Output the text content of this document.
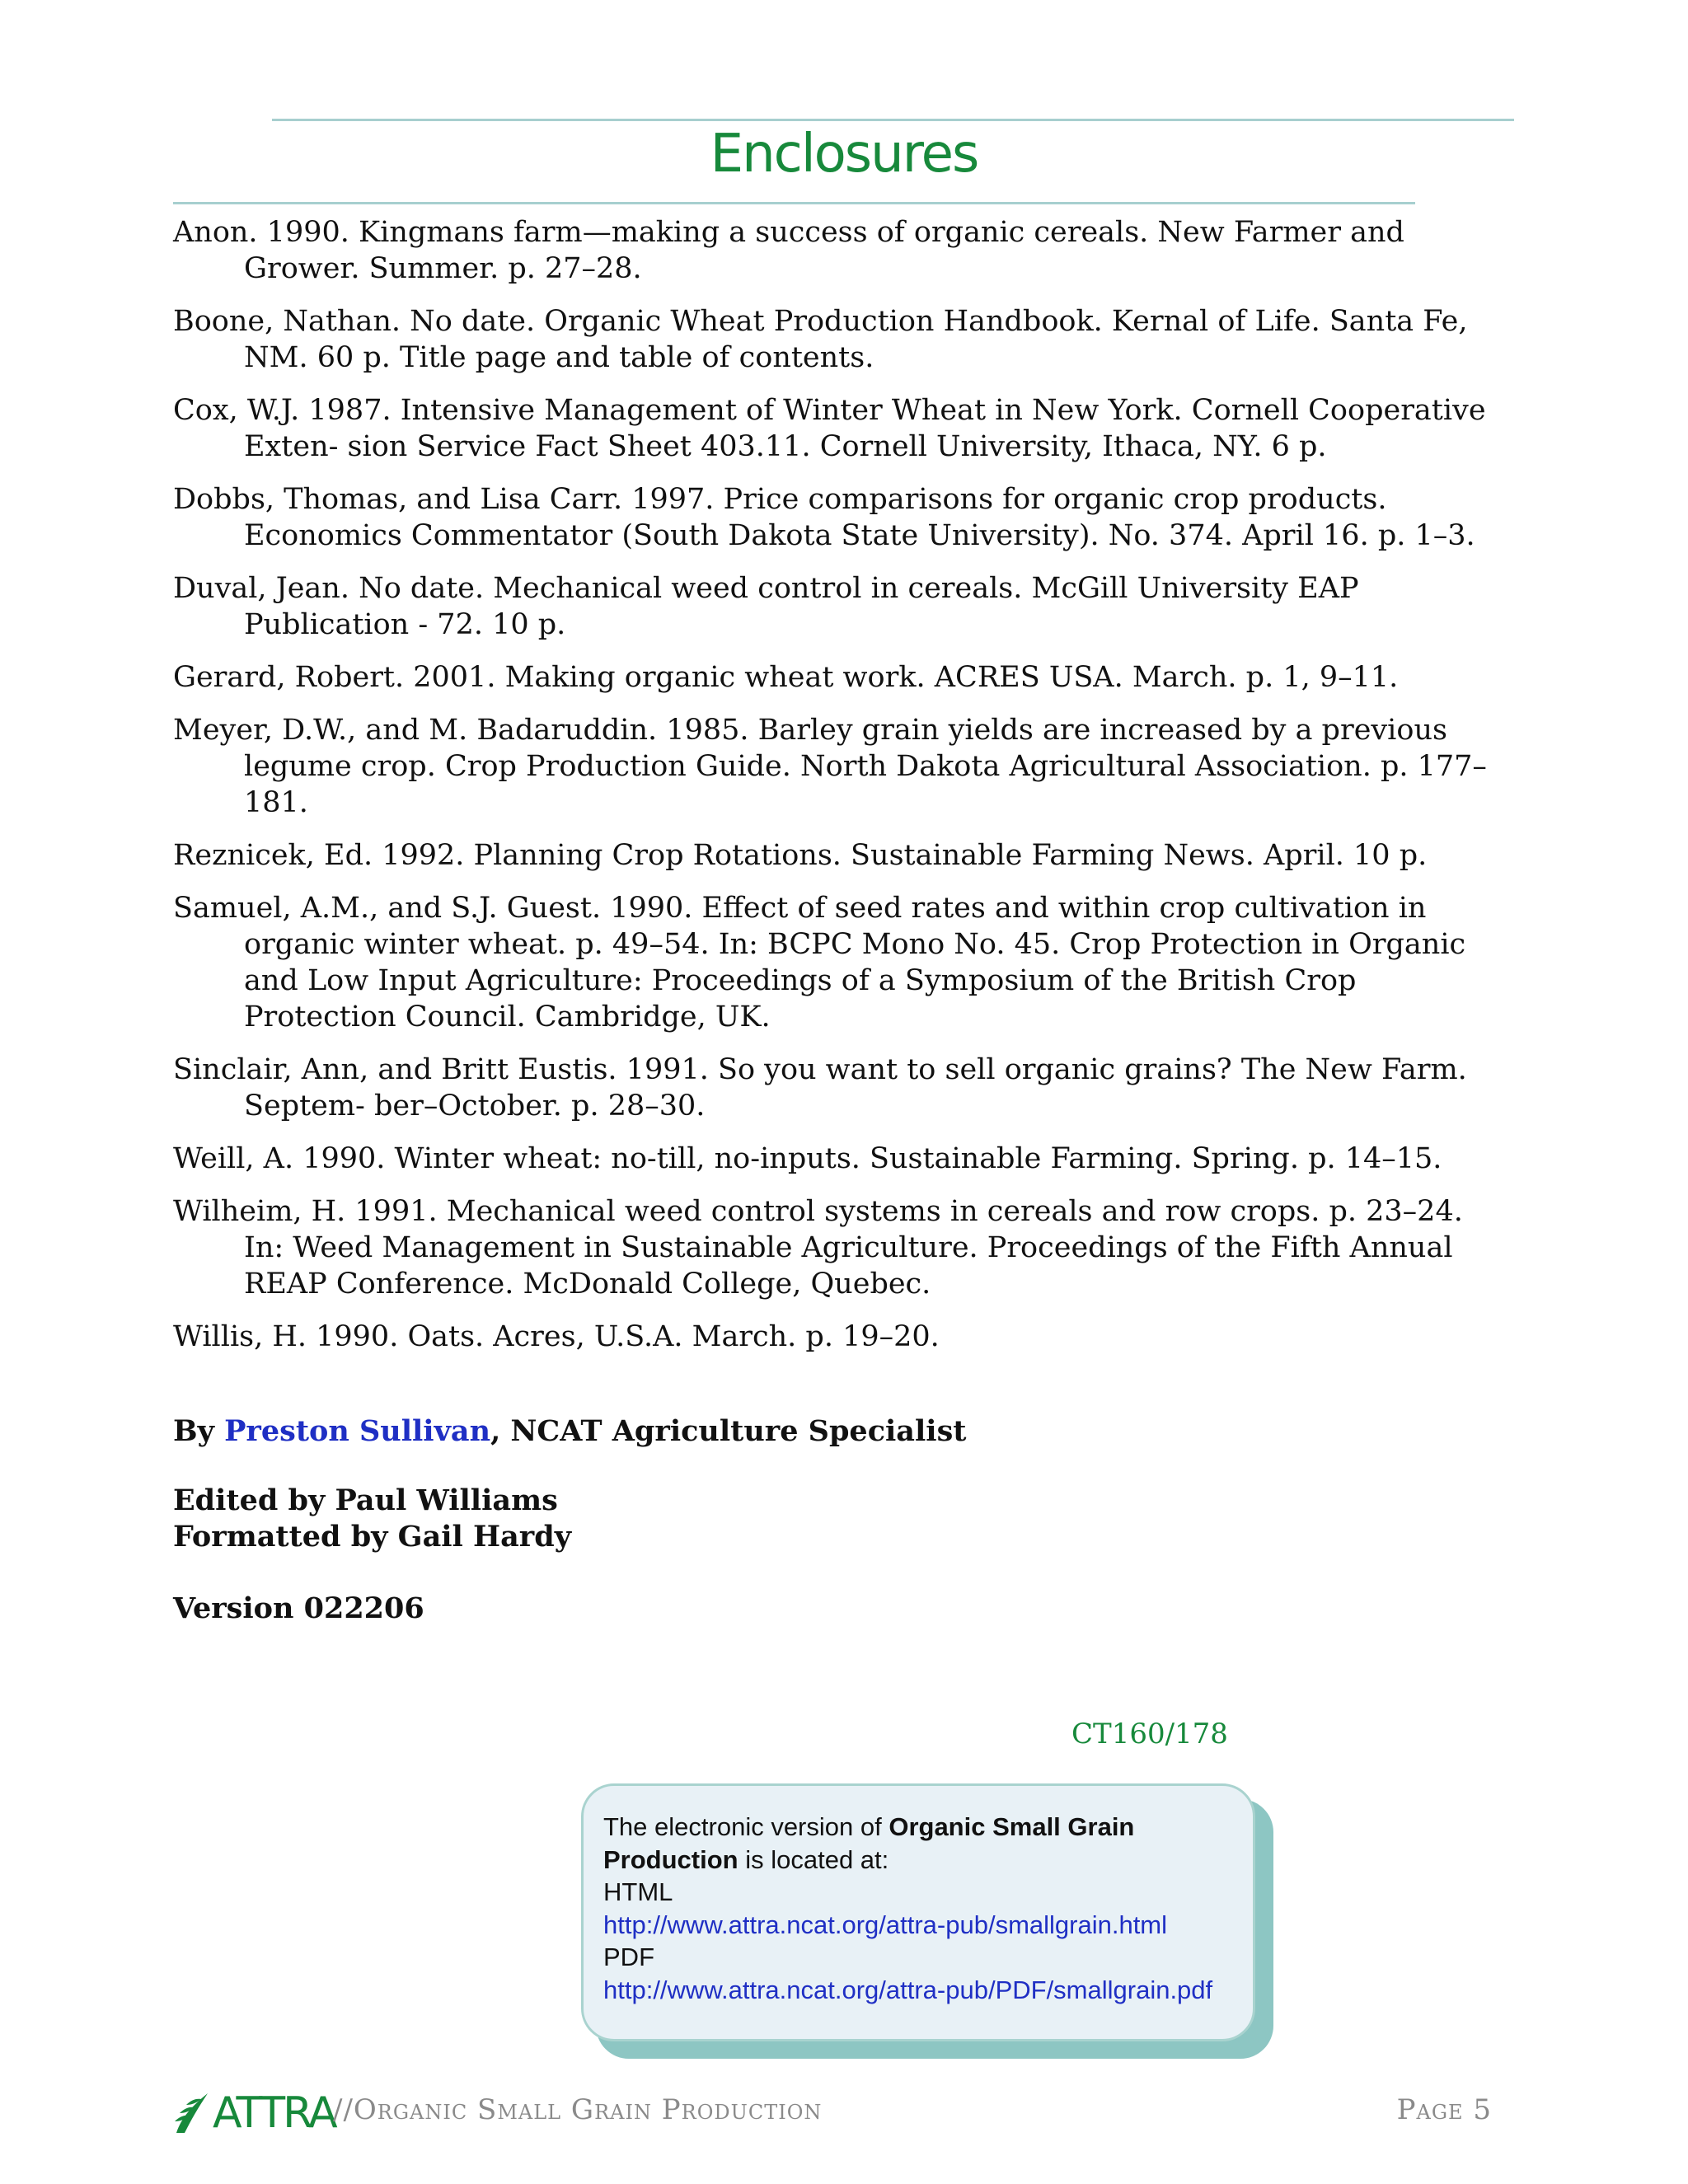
Enclosures

Anon. 1990. Kingmans farm—making a success of organic cereals. New Farmer and Grower. Summer. p. 27–28.

Boone, Nathan. No date. Organic Wheat Production Handbook. Kernal of Life. Santa Fe, NM. 60 p. Title page and table of contents.

Cox, W.J. 1987. Intensive Management of Winter Wheat in New York. Cornell Cooperative Exten- sion Service Fact Sheet 403.11. Cornell University, Ithaca, NY. 6 p.

Dobbs, Thomas, and Lisa Carr. 1997. Price comparisons for organic crop products. Economics Commentator (South Dakota State University). No. 374. April 16. p. 1–3.

Duval, Jean. No date. Mechanical weed control in cereals. McGill University EAP Publication - 72. 10 p.

Gerard, Robert. 2001. Making organic wheat work. ACRES USA. March. p. 1, 9–11.

Meyer, D.W., and M. Badaruddin. 1985. Barley grain yields are increased by a previous legume crop. Crop Production Guide. North Dakota Agricultural Association. p. 177–181.

Reznicek, Ed. 1992. Planning Crop Rotations. Sustainable Farming News. April. 10 p.

Samuel, A.M., and S.J. Guest. 1990. Effect of seed rates and within crop cultivation in organic winter wheat. p. 49–54. In: BCPC Mono No. 45. Crop Protection in Organic and Low Input Agriculture: Proceedings of a Symposium of the British Crop Protection Council. Cambridge, UK.

Sinclair, Ann, and Britt Eustis. 1991. So you want to sell organic grains? The New Farm. Septem- ber–October. p. 28–30.

Weill, A. 1990. Winter wheat: no-till, no-inputs. Sustainable Farming. Spring. p. 14–15.

Wilheim, H. 1991. Mechanical weed control systems in cereals and row crops. p. 23–24. In: Weed Management in Sustainable Agriculture. Proceedings of the Fifth Annual REAP Conference. McDonald College, Quebec.

Willis, H. 1990. Oats. Acres, U.S.A. March. p. 19–20.

By Preston Sullivan, NCAT Agriculture Specialist

Edited by Paul Williams

Formatted by Gail Hardy

Version 022206

CT160/178

The electronic version of Organic Small Grain Production is located at:

HTML

http://www.attra.ncat.org/attra-pub/smallgrain.html

PDF

http://www.attra.ncat.org/attra-pub/PDF/smallgrain.pdf

ATTRA
//Organic Small Grain Production	Page 5
